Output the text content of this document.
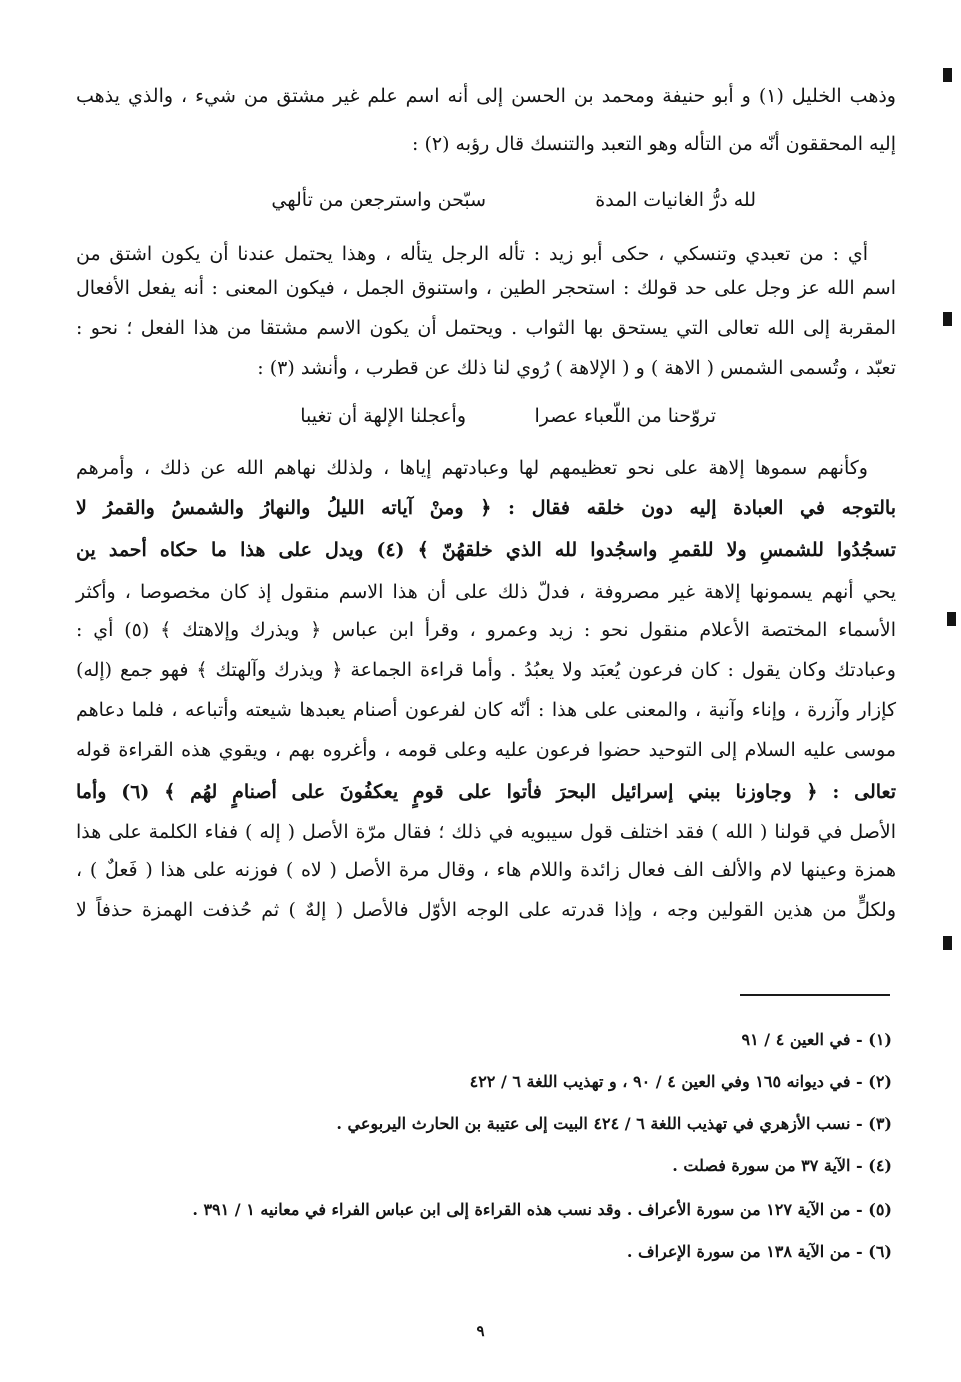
وذهب الخليل (١) و أبو حنيفة ومحمد بن الحسن إلى أنه اسم علم غير مشتق من شيء ، والذي يذهب
إليه المحققون أنّه من التأله وهو التعبد والتنسك قال رؤبه (٢) :
لله درُّ الغانيات المدة
سبّحن واسترجعن من تألهي
أي : من تعبدي وتنسكي ، حكى أبو زيد : تأله الرجل يتأله ، وهذا يحتمل عندنا أن يكون اشتق من
اسم الله عز وجل على حد قولك : استحجر الطين ، واستنوق الجمل ، فيكون المعنى : أنه يفعل الأفعال
المقربة إلى الله تعالى التي يستحق بها الثواب . ويحتمل أن يكون الاسم مشتقا من هذا الفعل ؛ نحو :
تعبّد ، وتُسمى الشمس ( الاهة ) و ( الإلاهة ) رُوي لنا ذلك عن قطرب ، وأنشد (٣) :
تروّحنا من اللّعباء عصرا
وأعجلنا الإلهة أن تغيبا
وكأنهم سموها إلاهة على نحو تعظيمهم لها وعبادتهم إياها ، ولذلك نهاهم الله عن ذلك ، وأمرهم
بالتوجه في العبادة إليه دون خلقه فقال : ﴿ ومنْ آياته الليلُ والنهارُ والشمسُ والقمرُ لا
تسجُدُوا للشمسِ ولا للقمرِ واسجُدوا لله الذي خلقهُنّ ﴾ (٤) ويدل على هذا ما حكاه أحمد ين
يحي أنهم يسمونها إلاهة غير مصروفة ، فدلّ ذلك على أن هذا الاسم منقول إذ كان مخصوصا ، وأكثر
الأسماء المختصة الأعلام منقول نحو : زيد وعمرو ، وقرأ ابن عباس ﴿ ويذرك وإلاهتك ﴾ (٥) أي :
وعبادتك وكان يقول : كان فرعون يُعبَد ولا يعبُدُ . وأما قراءة الجماعة ﴿ ويذرك وآلهتك ﴾ فهو جمع (إله)
كإزار وآزرة ، وإناء وآنية ، والمعنى على هذا : أنّه كان لفرعون أصنام يعبدها شيعته وأتباعه ، فلما دعاهم
موسى عليه السلام إلى التوحيد حضوا فرعون عليه وعلى قومه ، وأغروه بهم ، ويقوي هذه القراءة قوله
تعالى : ﴿ وجاوزنا ببني إسرائيل البحرَ فأتوا على قومٍ يعكفُونَ على أصنامٍ لهُم ﴾ (٦) وأما
الأصل في قولنا ( الله ) فقد اختلف قول سيبويه في ذلك ؛ فقال مرّة الأصل ( إله ) ففاء الكلمة على هذا
همزة وعينها لام والألف الف فعال زائدة واللام هاء ، وقال مرة الأصل ( لاه ) فوزنه على هذا ( فَعلٌ ) ،
ولكلٍّ من هذين القولين وجه ، وإذا قدرته على الوجه الأوّل فالأصل ( إلهٌ ) ثم حُذفت الهمزة حذفاً لا
(١) - في العين ٤ / ٩١
(٢) - في ديوانه ١٦٥ وفي العين ٤ / ٩٠ ، و تهذيب اللغة ٦ / ٤٢٢
(٣) - نسب الأزهري في تهذيب اللغة ٦ / ٤٢٤ البيت إلى عتيبة بن الحارث اليربوعي .
(٤) - الآية ٣٧ من سورة فصلت .
(٥) - من الآية ١٢٧ من سورة الأعراف . وقد نسب هذه القراءة إلى ابن عباس الفراء في معانيه ١ / ٣٩١ .
(٦) - من الآية ١٣٨ من سورة الإعراف .
٩
